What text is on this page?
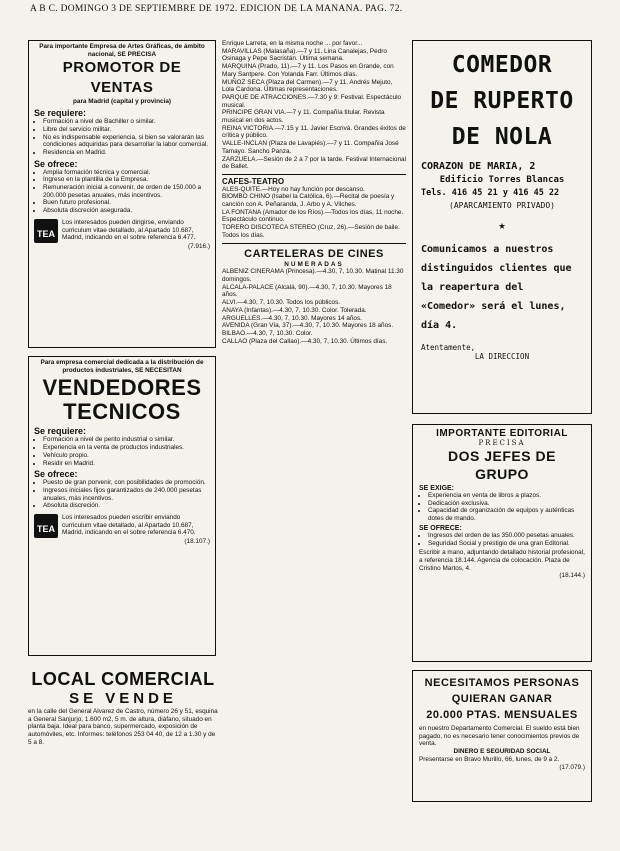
A B C. DOMINGO 3 DE SEPTIEMBRE DE 1972. EDICION DE LA MAÑANA. PAG. 72.

Para importante Empresa de Artes Gráficas, de ámbito nacional, SE PRECISA

PROMOTOR DE VENTAS

para Madrid (capital y provincia)

Se requiere:

• Formación a nivel de Bachiller o similar.
• Libre del servicio militar.
• No es indispensable experiencia, si bien se valorarán las condiciones adquiridas para desarrollar la labor comercial.
• Residencia en Madrid.

Se ofrece:

• Amplia formación técnica y comercial.
• Ingreso en la plantilla de la Empresa.
• Remuneración inicial a convenir, de orden de 150.000 a 200.000 pesetas anuales, más incentivos.
• Buen futuro profesional.
• Absoluta discreción asegurada.
TEA

Los interesados pueden dirigirse, enviando curriculum vitae detallado, al Apartado 10.687, Madrid, indicando en el sobre referencia 6.477.

(7.916.)

Para empresa comercial dedicada a la distribución de productos industriales, SE NECESITAN

VENDEDORES

TECNICOS

Se requiere:

• Formación a nivel de perito industrial o similar.
• Experiencia en la venta de productos industriales.
• Vehículo propio.
• Residir en Madrid.

Se ofrece:

• Puesto de gran porvenir, con posibilidades de promoción.
• Ingresos iniciales fijos garantizados de 240.000 pesetas anuales, más incentivos.
• Absoluta discreción.
TEA

Los interesados pueden escribir enviando curriculum vitae detallado, al Apartado 10.687, Madrid, indicando en el sobre referencia 6.470.

(18.107.)

LOCAL COMERCIAL

SE VENDE

en la calle del General Alvarez de Castro, número 26 y 51, esquina a General Sanjurjo, 1.600 m2, 5 m. de altura, diáfano, situado en planta baja. Ideal para banco, supermercado, exposición de automóviles, etc. Informes: teléfonos 253 04 40, de 12 a 1.30 y de 5 a 8.

Enrique Larreta, en la misma noche ... por favor...

MARAVILLAS (Malasaña).—7 y 11. Lina Canalejas, Pedro Osinaga y Pepe Sacristán. Última semana.

MARQUINA (Prado, 11).—7 y 11. Los Pasos en Grande, con Mary Santpere. Con Yolanda Farr. Últimos días.

MUÑOZ SECA (Plaza del Carmen).—7 y 11. Andrés Mejuto, Lola Cardona. Últimas representaciones.

PARQUE DE ATRACCIONES.—7.30 y 9: Festival. Espectáculo musical.

PRINCIPE GRAN VIA.—7 y 11. Compañía titular. Revista musical en dos actos.

REINA VICTORIA.—7.15 y 11. Javier Escrivá. Grandes éxitos de crítica y público.

VALLE-INCLAN (Plaza de Lavapiés).—7 y 11. Compañía José Tamayo. Sancho Panza.

ZARZUELA.—Sesión de 2 a 7 por la tarde. Festival Internacional de Ballet.

CAFES-TEATRO

ALES-QUITE.—Hoy no hay función por descanso.

BIOMBO CHINO (Isabel la Católica, 6).—Recital de poesía y canción con A. Peñaranda, J. Arbo y A. Vilches.

LA FONTANA (Amador de los Ríos).—Todos los días, 11 noche. Espectáculo continuo.

TORERO DISCOTECA STEREO (Cruz, 26).—Sesión de baile. Todos los días.

CARTELERAS DE CINES

NUMERADAS

ALBENIZ CINERAMA (Princesa).—4.30, 7, 10.30. Matinal 11.30 domingos.

ALCALA-PALACE (Alcalá, 90).—4.30, 7, 10.30. Mayores 18 años.

ALVI.—4.30, 7, 10.30. Todos los públicos.

ANAYA (Infantas).—4.30, 7, 10.30. Color. Tolerada.

ARGUELLES.—4.30, 7, 10.30. Mayores 14 años.

AVENIDA (Gran Vía, 37).—4.30, 7, 10.30. Mayores 18 años.

BILBAO.—4.30, 7, 10.30. Color.

CALLAO (Plaza del Callao).—4.30, 7, 10.30. Últimos días.

COMEDOR

DE RUPERTO

DE NOLA

CORAZON DE MARIA, 2

Edificio Torres Blancas

Tels. 416 45 21 y 416 45 22

(APARCAMIENTO PRIVADO)

★

Comunicamos a nuestros distinguidos clientes que la reapertura del «Comedor» será el lunes, día 4.

Atentamente,

LA DIRECCION

IMPORTANTE EDITORIAL

PRECISA

DOS JEFES DE GRUPO

SE EXIGE:

• Experiencia en venta de libros a plazos.
• Dedicación exclusiva.
• Capacidad de organización de equipos y auténticas dotes de mando.

SE OFRECE:

• Ingresos del orden de las 350.000 pesetas anuales.
• Seguridad Social y prestigio de una gran Editorial.

Escribir a mano, adjuntando detallado historial profesional, a referencia 18.144. Agencia de colocación. Plaza de Cristino Martos, 4.

(18.144.)

NECESITAMOS PERSONAS

QUIERAN GANAR

20.000 PTAS. MENSUALES

en nuestro Departamento Comercial. El sueldo está bien pagado, no es necesario tener conocimientos previos de venta.

DINERO E SEGURIDAD SOCIAL

Presentarse en Bravo Murillo, 66, lunes, de 9 a 2.

(17.079.)
